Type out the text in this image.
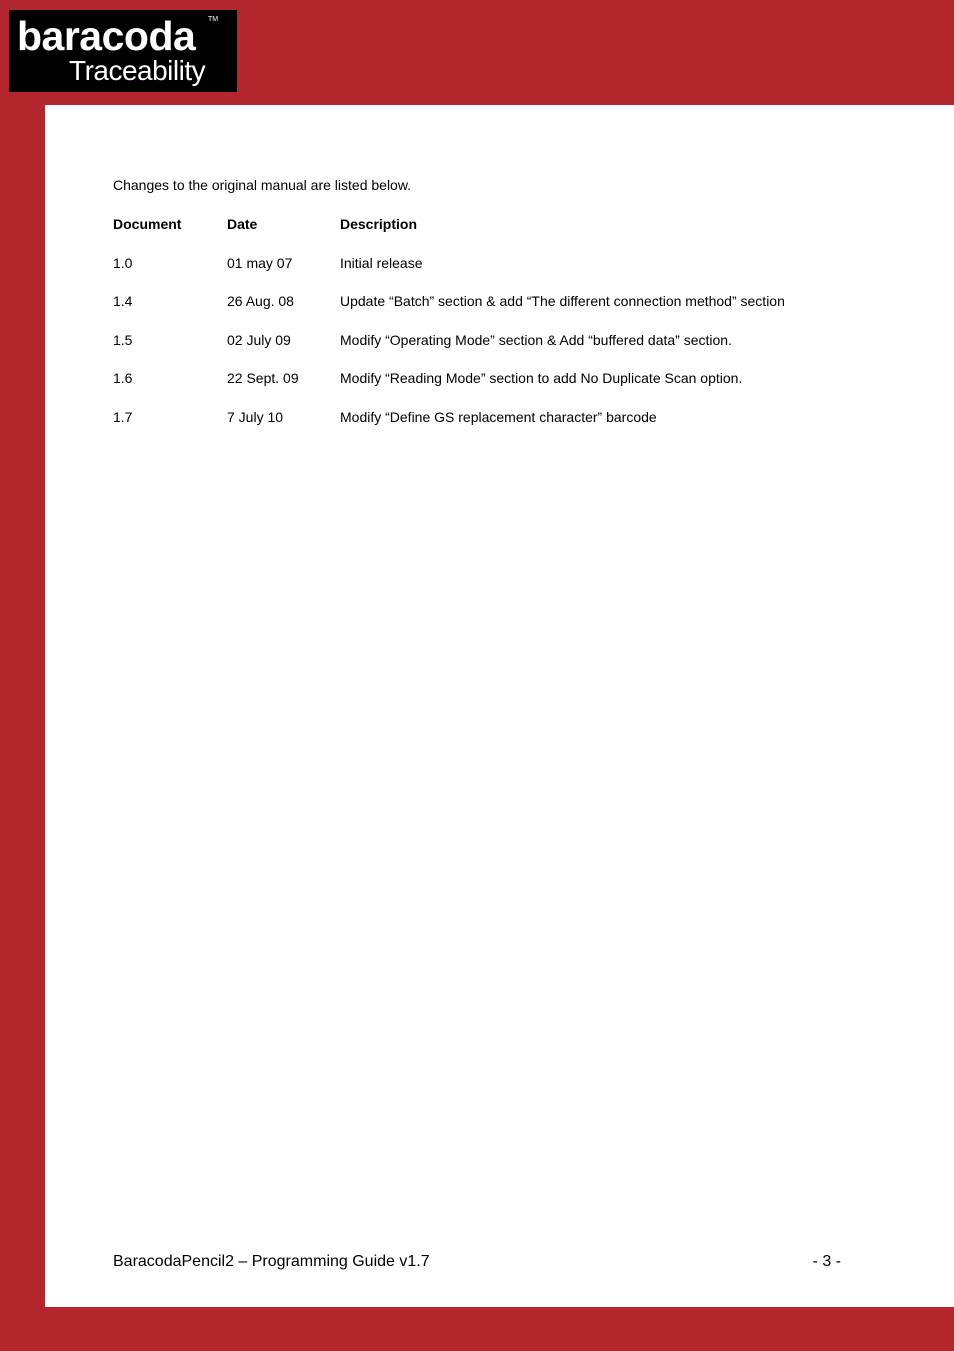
baracoda TM
Traceability
Changes to the original manual are listed below.
Document	Date	Description
1.0	01 may 07	Initial release
1.4	26 Aug. 08	Update “Batch” section & add “The different connection method” section
1.5	02 July 09	Modify “Operating Mode” section & Add “buffered data” section.
1.6	22 Sept. 09	Modify “Reading Mode” section to add No Duplicate Scan option.
1.7	7 July 10	Modify “Define GS replacement character” barcode
BaracodaPencil2 – Programming Guide v1.7	- 3 -
